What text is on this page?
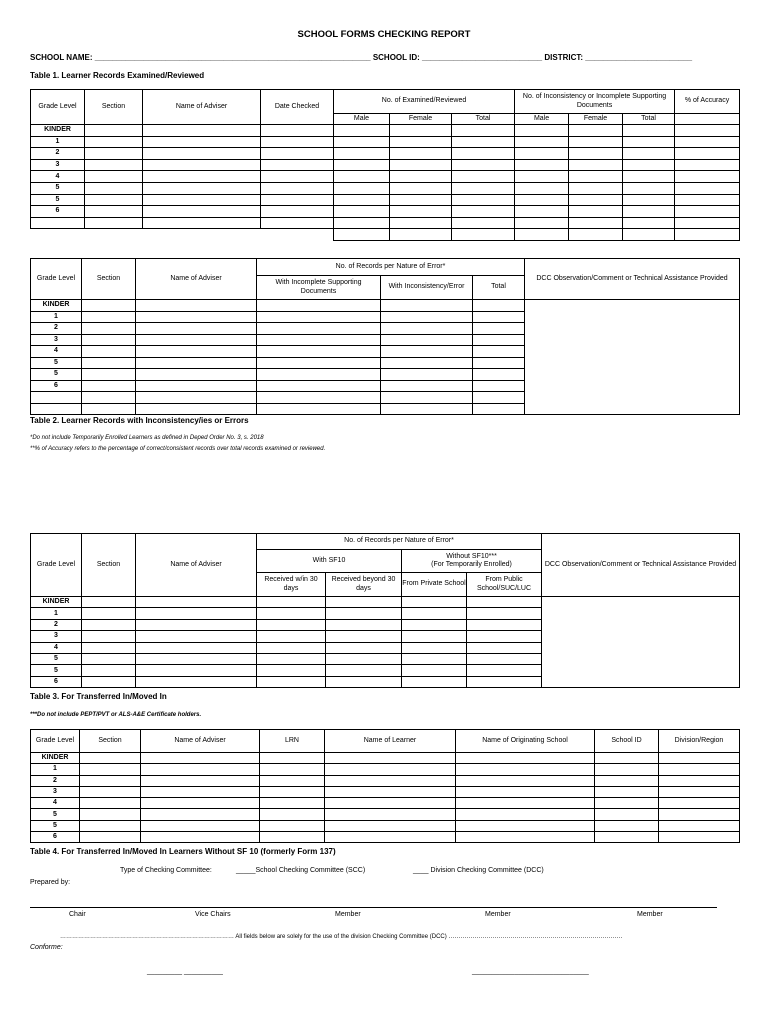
SCHOOL FORMS CHECKING REPORT
SCHOOL NAME: ______________________________________________________________ SCHOOL ID: ___________________________ DISTRICT: ________________________
Table 1. Learner Records Examined/Reviewed
Grade Level	Section	Name of Adviser	Date Checked	No. of Examined/Reviewed			No. of Inconsistency or Incomplete Supporting Documents			% of Accuracy
				Male	Female	Total	Male	Female	Total	
KINDER										
1										
2										
3										
4										
5										
5										
6										

Grade Level	Section	Name of Adviser	No. of Records per Nature of Error*			DCC Observation/Comment or Technical Assistance Provided
			With Incomplete Supporting Documents	With Inconsistency/Error	Total	
KINDER						
1						
2						
3						
4						
5						
5						
6						

Table 2. Learner Records with Inconsistency/ies or Errors
*Do not include Temporarily Enrolled Learners as defined in Deped Order No. 3, s. 2018
**% of Accuracy refers to the percentage of correct/consistent records over total records examined or reviewed.
Grade Level	Section	Name of Adviser	No. of Records per Nature of Error*				DCC Observation/Comment or Technical Assistance Provided
			With SF10		Without SF10***
(For Temporarily Enrolled)		
			Received w/in 30 days	Received beyond 30 days	From Private School	From Public School/SUC/LUC	
KINDER							
1							
2							
3							
4							
5							
5							
6							
Table 3. For Transferred In/Moved In
***Do not include PEPT/PVT or ALS-A&E Certificate holders.
Grade Level	Section	Name of Adviser	LRN	Name of Learner	Name of Originating School	School ID	Division/Region
KINDER							
1							
2							
3							
4							
5							
5							
6							
Table 4. For Transferred In/Moved In Learners Without SF 10 (formerly Form 137)
Type of Checking Committee:	_____School Checking Committee (SCC)	____ Division Checking Committee (DCC)
Prepared by:
Chair	Vice Chairs	Member	Member	Member
…………………………………………………………………………… All fields below are solely for the use of the division Checking Committee (DCC) ……………………………………………………………………………
Conforme:
_________ __________	______________________________
